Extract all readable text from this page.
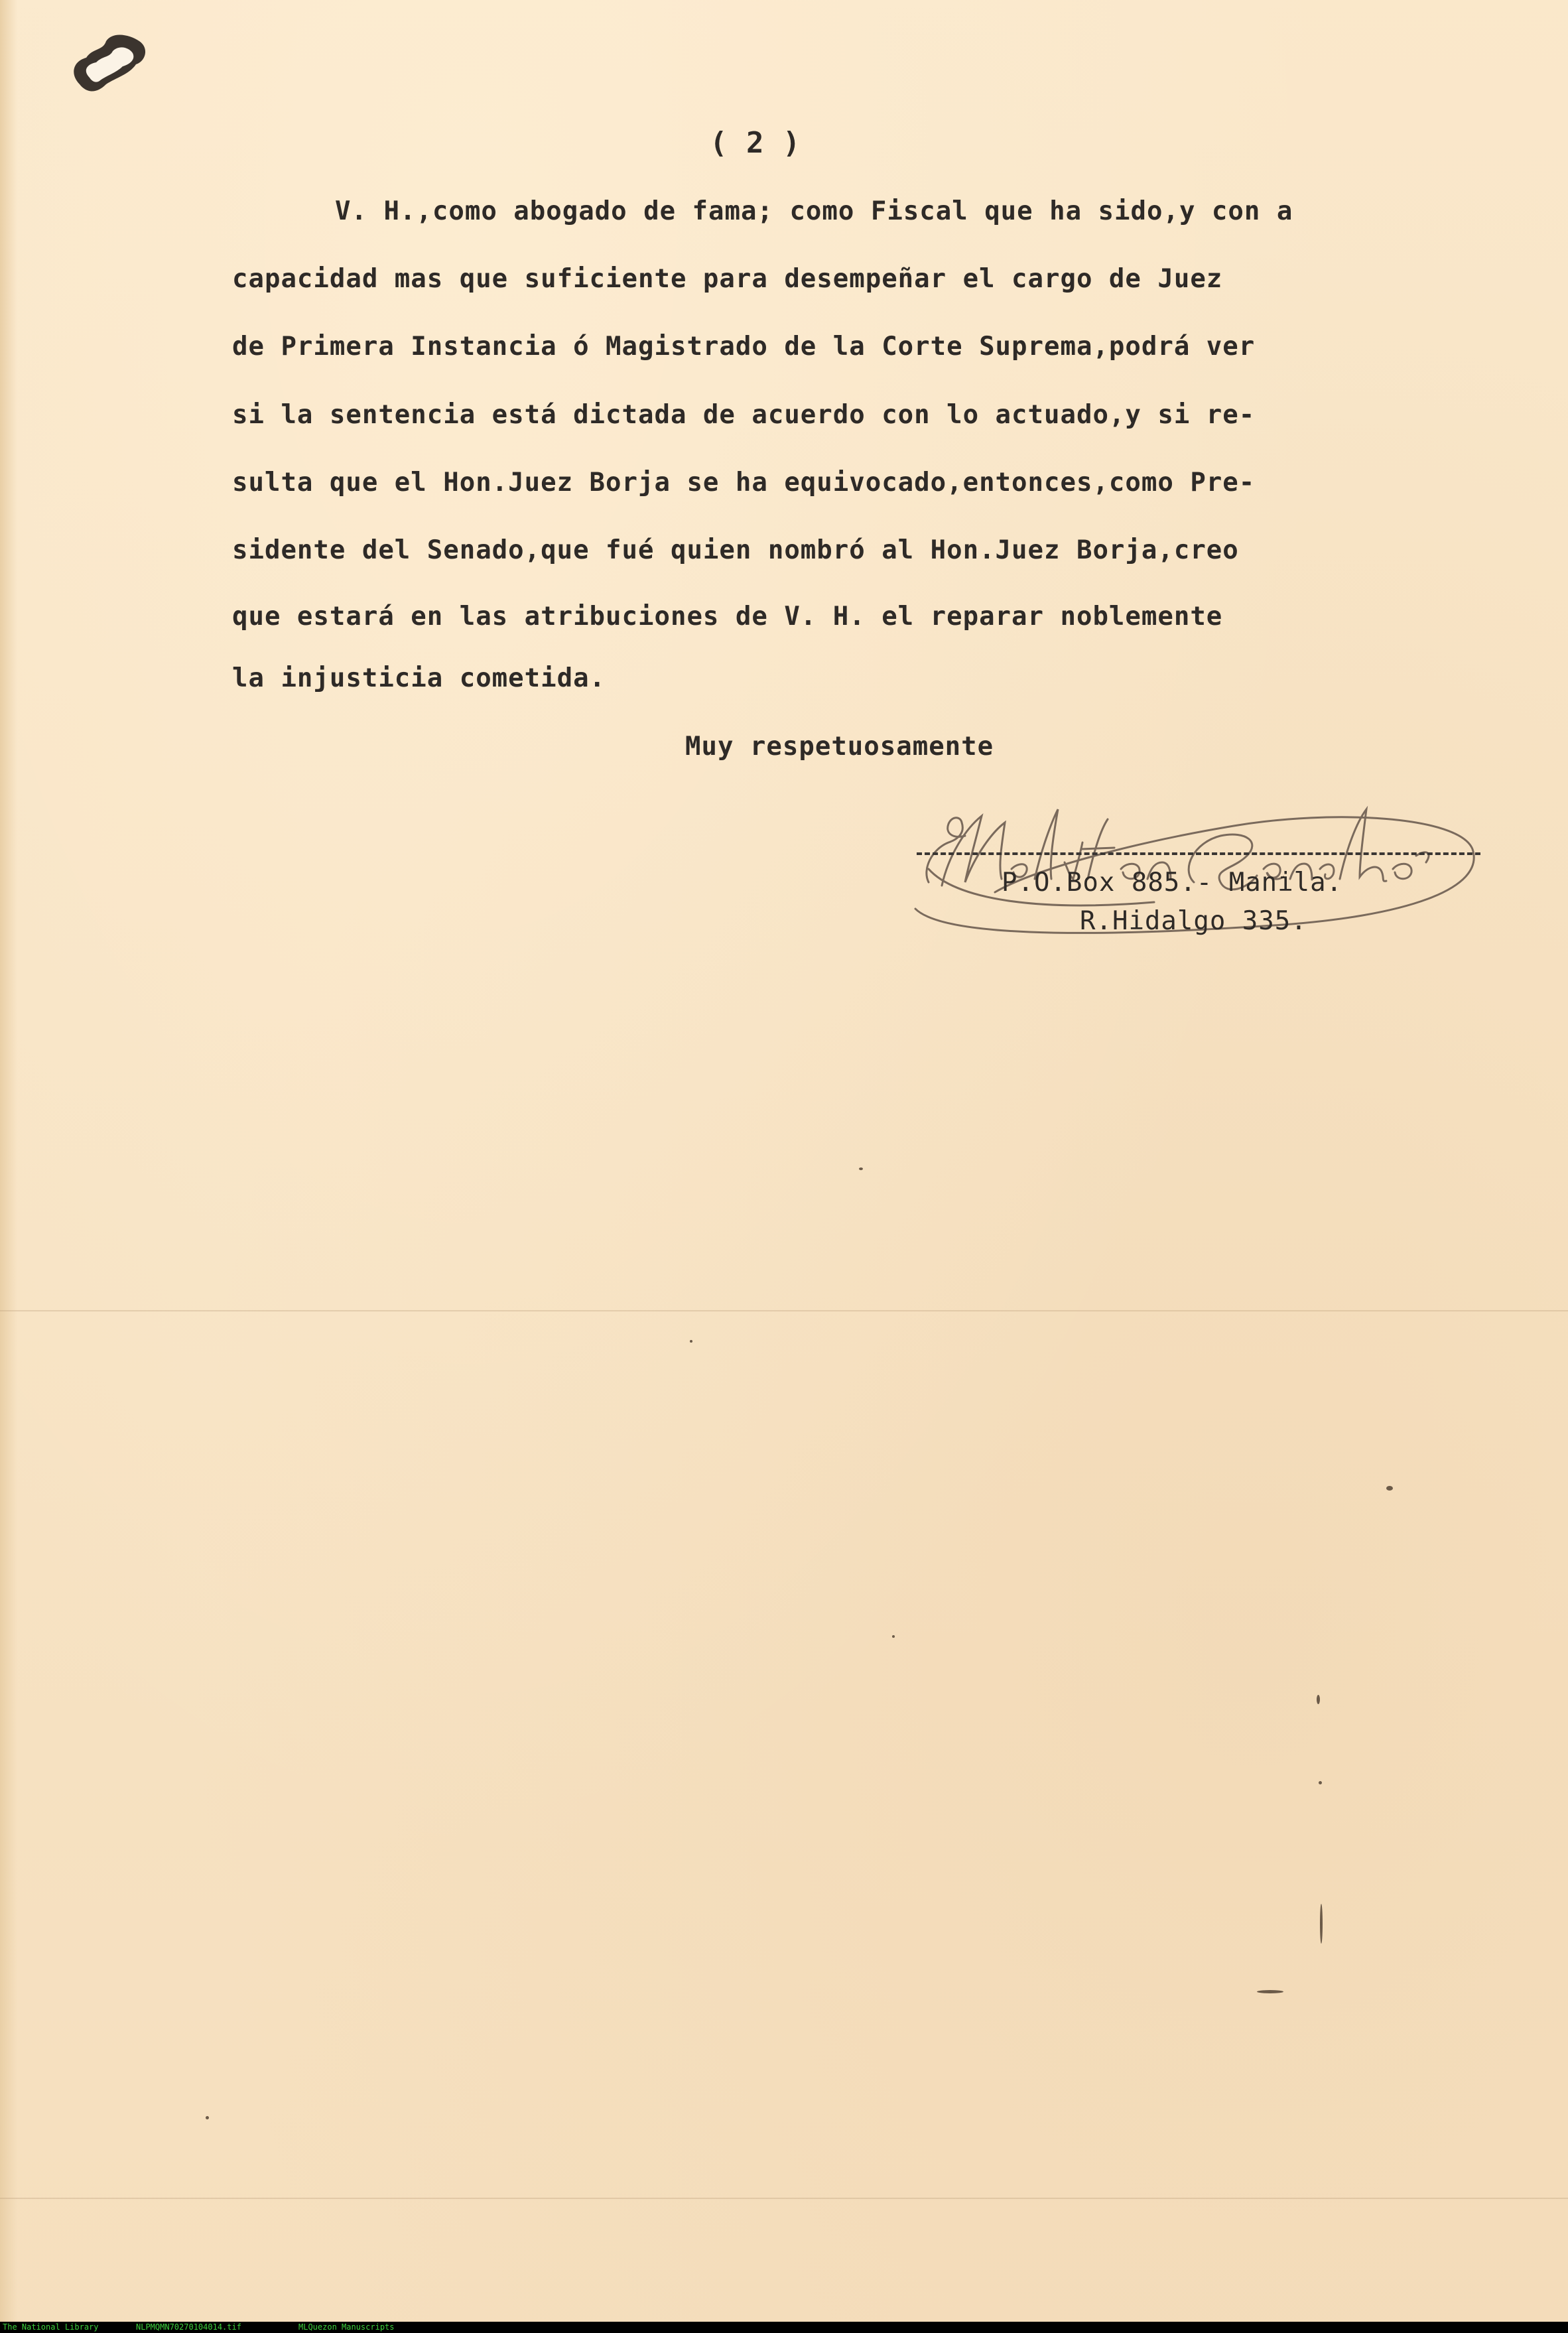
( 2 )
V. H.,como abogado de fama; como Fiscal que ha sido,y con a
capacidad mas que suficiente para desempeñar el cargo de Juez
de Primera Instancia ó Magistrado de la Corte Suprema,podrá ver
si la sentencia está dictada de acuerdo con lo actuado,y si re-
sulta que el Hon.Juez Borja se ha equivocado,entonces,como Pre-
sidente del Senado,que fué quien nombró al Hon.Juez Borja,creo
que estará en las atribuciones de V. H. el reparar noblemente
la injusticia cometida.
Muy respetuosamente
P.O.Box 885.- Manila.
R.Hidalgo 335.
The National Library	NLPMQMN70270104014.tif	MLQuezon Manuscripts
